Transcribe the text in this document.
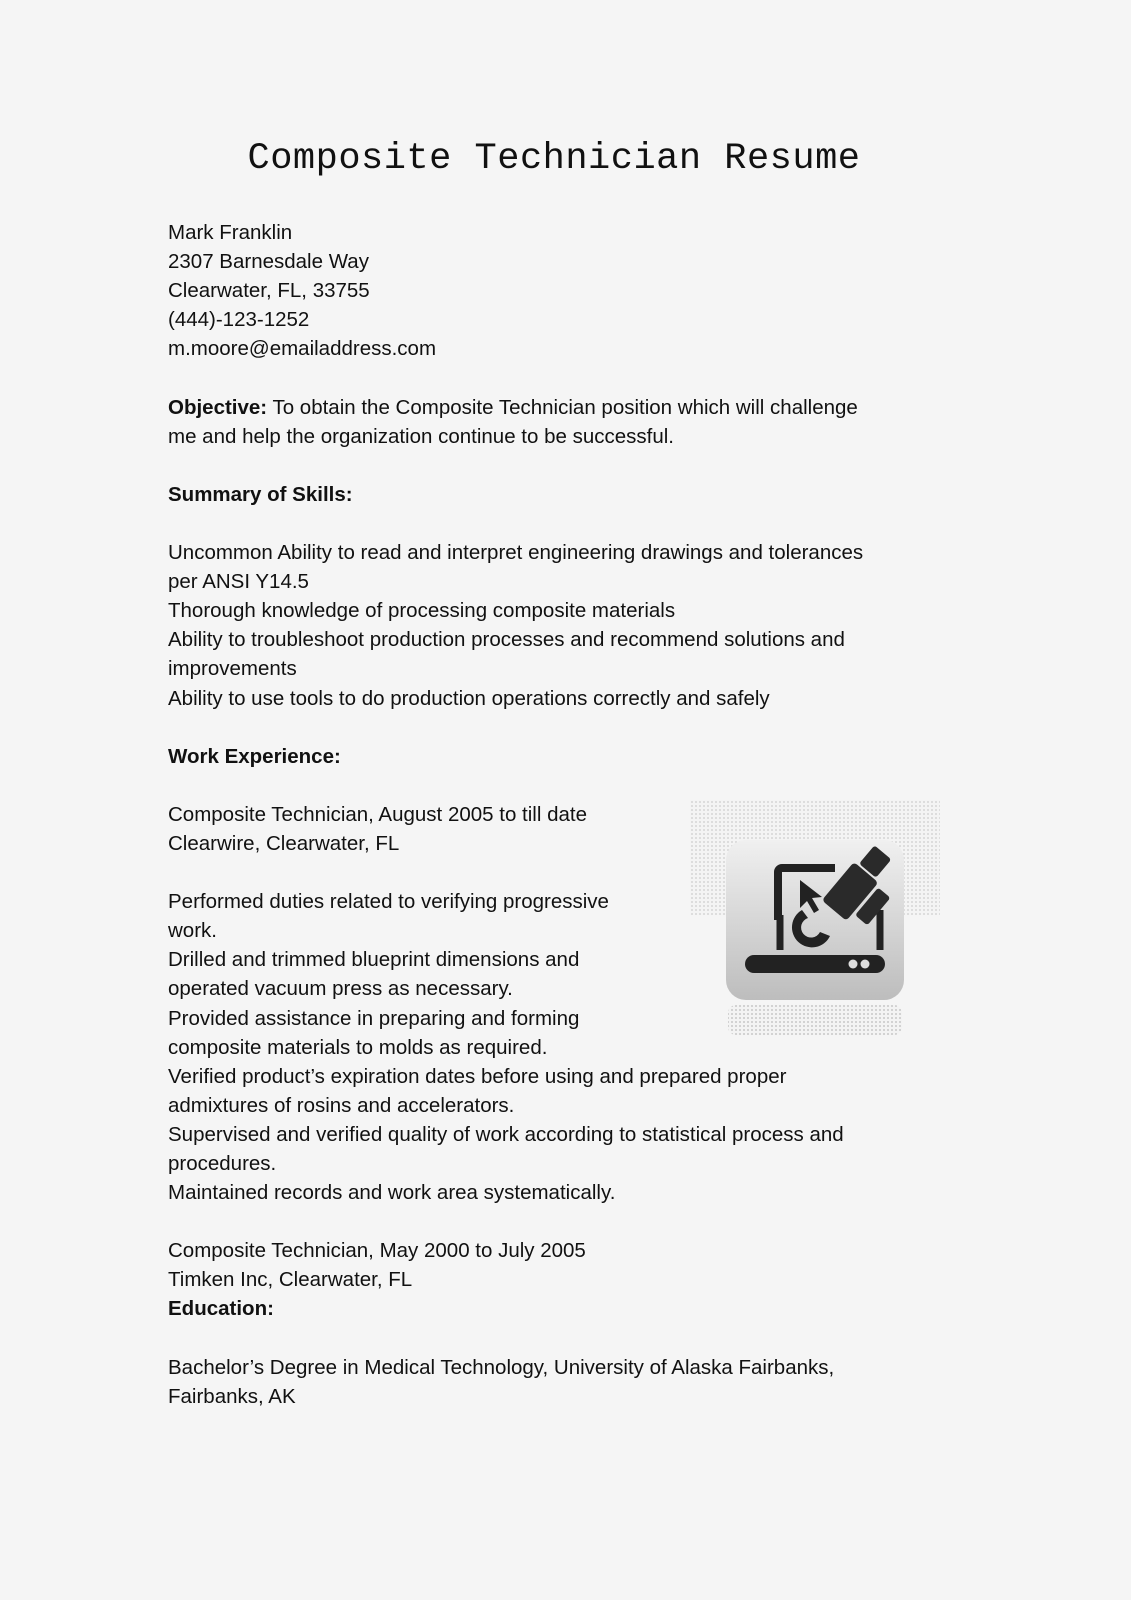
Composite Technician Resume
Mark Franklin
2307 Barnesdale Way
Clearwater, FL, 33755
(444)-123-1252
m.moore@emailaddress.com
Objective: To obtain the Composite Technician position which will challenge
me and help the organization continue to be successful.
Summary of Skills:
Uncommon Ability to read and interpret engineering drawings and tolerances
per ANSI Y14.5
Thorough knowledge of processing composite materials
Ability to troubleshoot production processes and recommend solutions and
improvements
Ability to use tools to do production operations correctly and safely
Work Experience:
Composite Technician, August 2005 to till date
Clearwire, Clearwater, FL
Performed duties related to verifying progressive
work.
Drilled and trimmed blueprint dimensions and
operated vacuum press as necessary.
Provided assistance in preparing and forming
composite materials to molds as required.
Verified product’s expiration dates before using and prepared proper
admixtures of rosins and accelerators.
Supervised and verified quality of work according to statistical process and
procedures.
Maintained records and work area systematically.
Composite Technician, May 2000 to July 2005
Timken Inc, Clearwater, FL
Education:
Bachelor’s Degree in Medical Technology, University of Alaska Fairbanks,
Fairbanks, AK
